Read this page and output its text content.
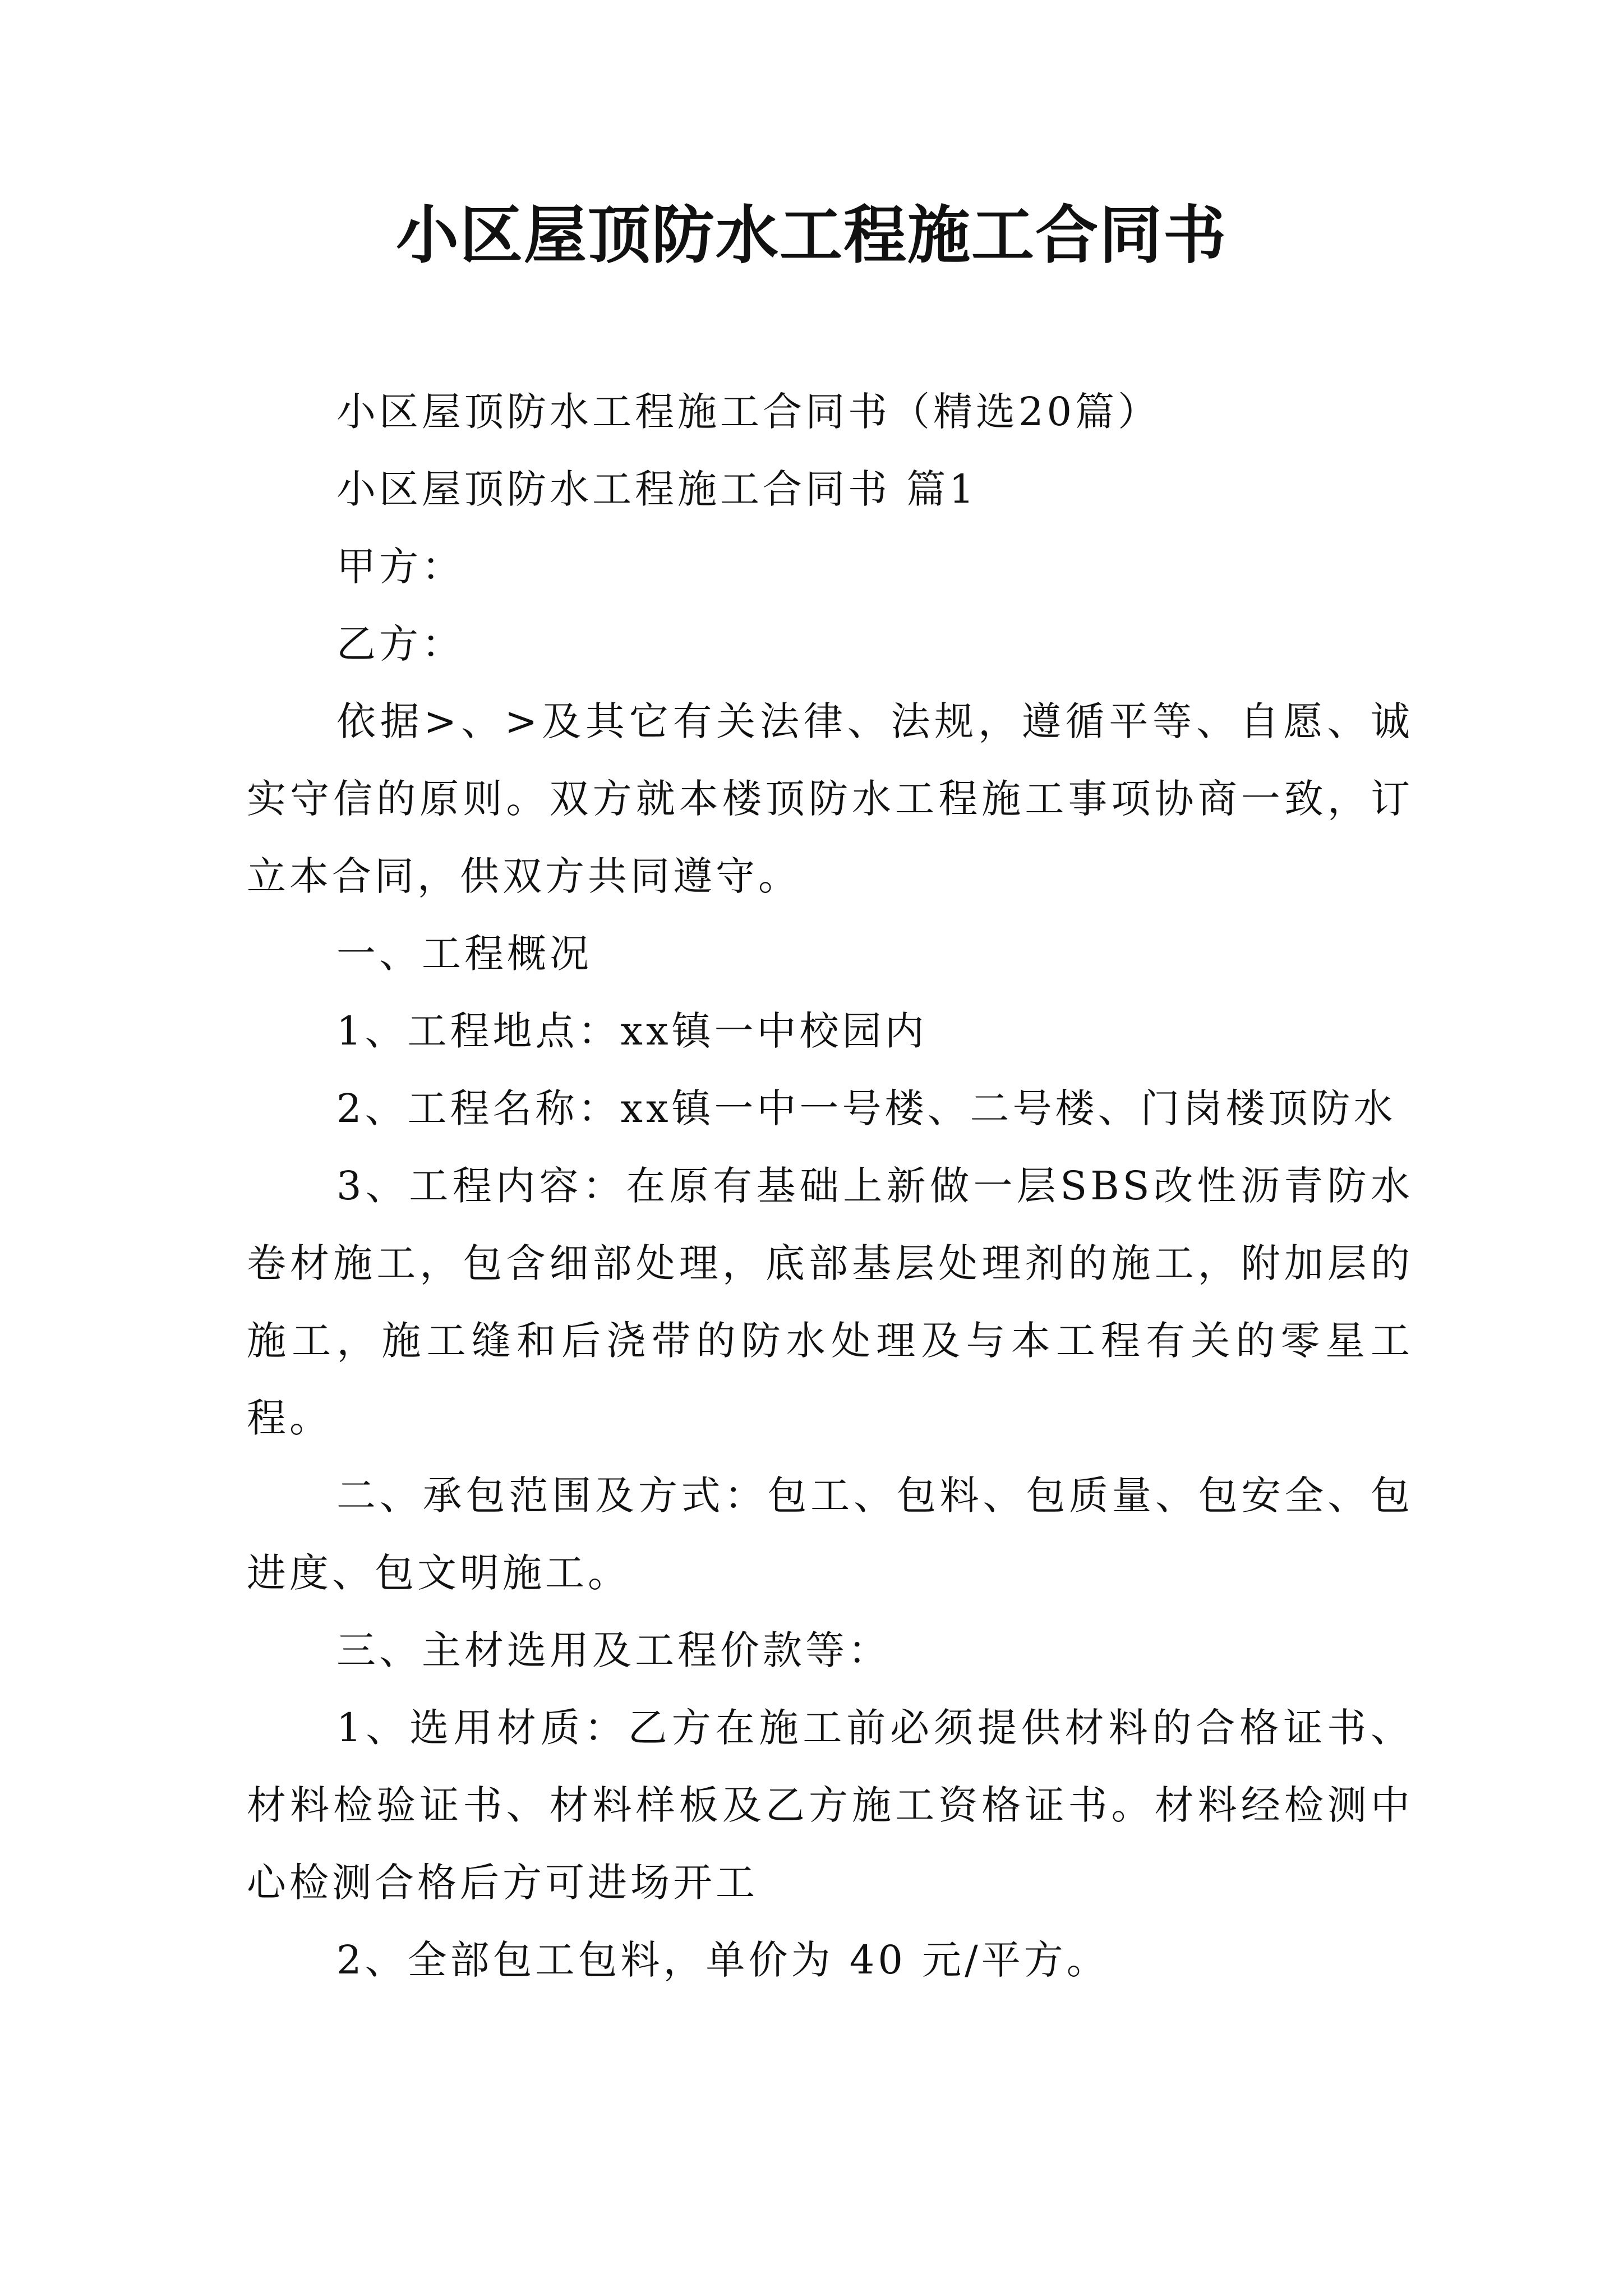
小区屋顶防水工程施工合同书

小区屋顶防水工程施工合同书（精选20篇）

小区屋顶防水工程施工合同书 篇1

甲方：

乙方：

依据>、>及其它有关法律、法规，遵循平等、自愿、诚实守信的原则。双方就本楼顶防水工程施工事项协商一致，订立本合同，供双方共同遵守。

一、工程概况

1、工程地点：xx镇一中校园内

2、工程名称：xx镇一中一号楼、二号楼、门岗楼顶防水

3、工程内容：在原有基础上新做一层SBS改性沥青防水卷材施工，包含细部处理，底部基层处理剂的施工，附加层的施工，施工缝和后浇带的防水处理及与本工程有关的零星工程。

二、承包范围及方式：包工、包料、包质量、包安全、包进度、包文明施工。

三、主材选用及工程价款等：

1、选用材质：乙方在施工前必须提供材料的合格证书、材料检验证书、材料样板及乙方施工资格证书。材料经检测中心检测合格后方可进场开工

2、全部包工包料，单价为 40 元/平方。
